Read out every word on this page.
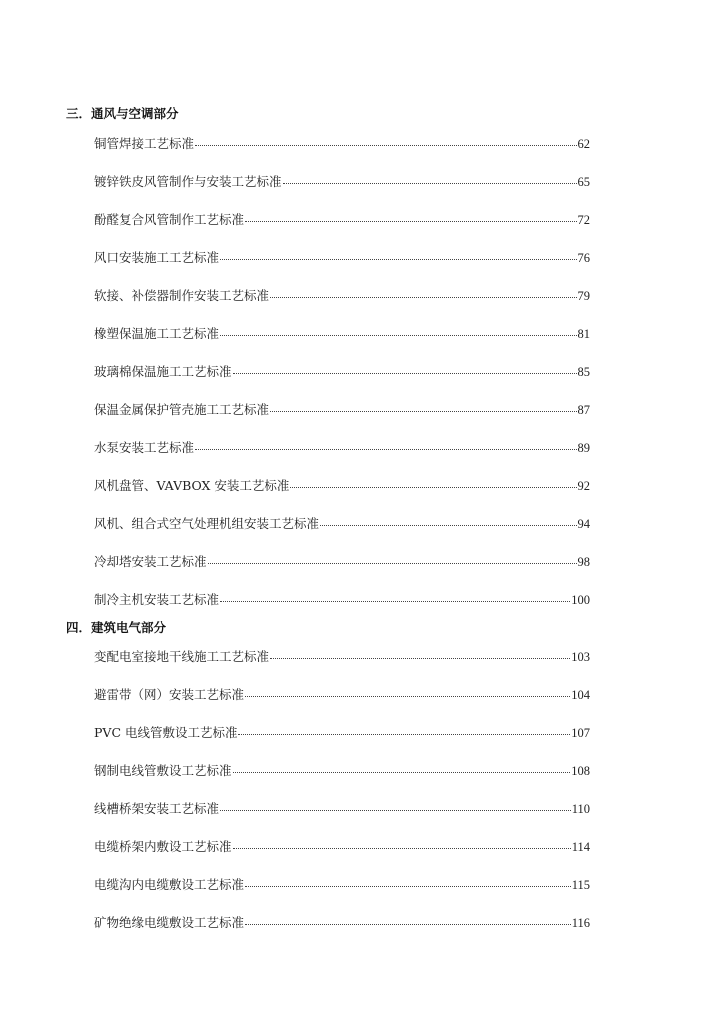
三．通风与空调部分
铜管焊接工艺标准	62
镀锌铁皮风管制作与安装工艺标准	65
酚醛复合风管制作工艺标准	72
风口安装施工工艺标准	76
软接、补偿器制作安装工艺标准	79
橡塑保温施工工艺标准	81
玻璃棉保温施工工艺标准	85
保温金属保护管壳施工工艺标准	87
水泵安装工艺标准	89
风机盘管、VAVBOX 安装工艺标准	92
风机、组合式空气处理机组安装工艺标准	94
冷却塔安装工艺标准	98
制冷主机安装工艺标准	100
四．建筑电气部分
变配电室接地干线施工工艺标准	103
避雷带（网）安装工艺标准	104
PVC 电线管敷设工艺标准	107
钢制电线管敷设工艺标准	108
线槽桥架安装工艺标准	110
电缆桥架内敷设工艺标准	114
电缆沟内电缆敷设工艺标准	115
矿物绝缘电缆敷设工艺标准	116
